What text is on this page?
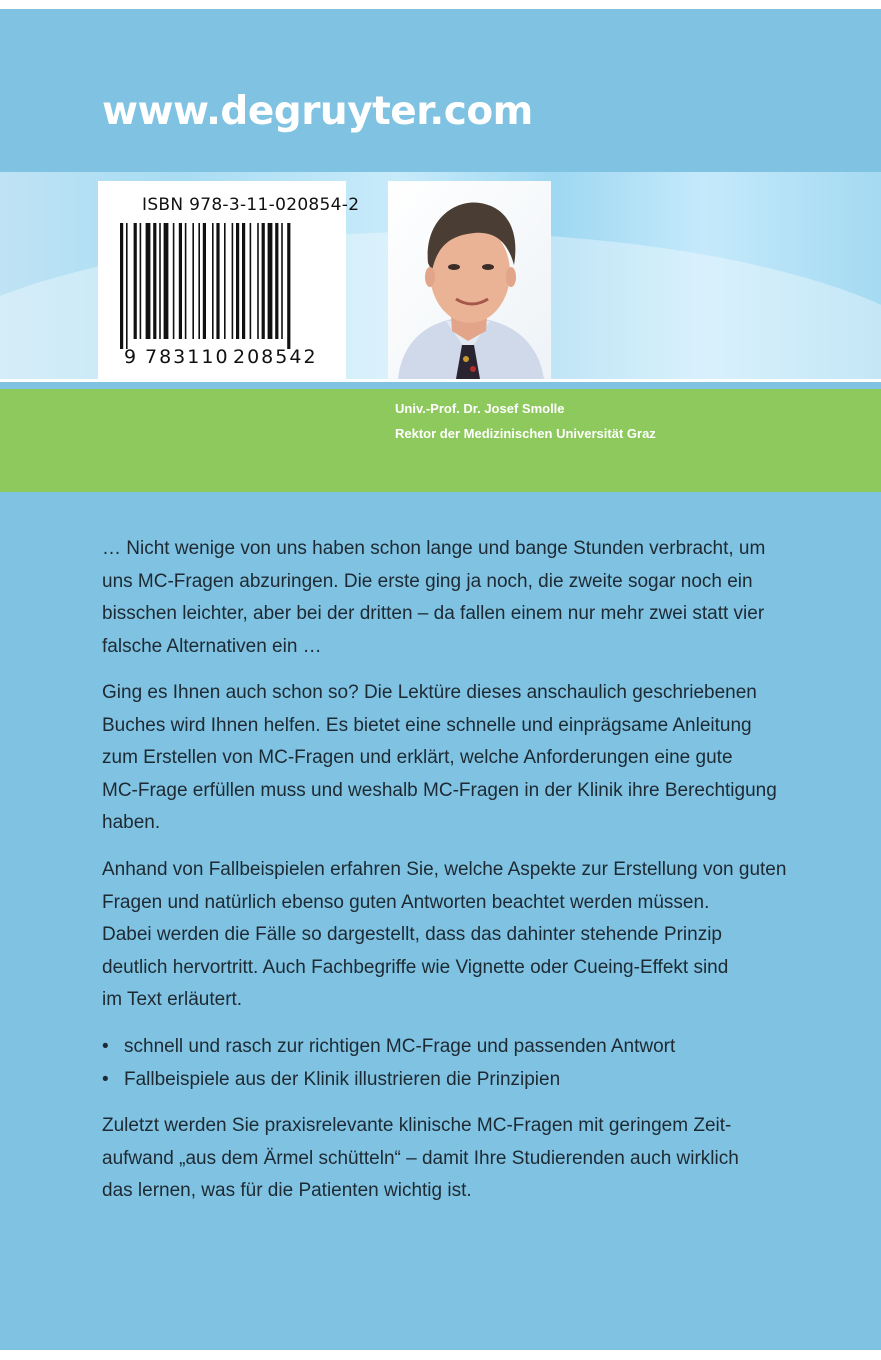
www.degruyter.com
ISBN 978-3-11-020854-2
9 783110 208542
Univ.-Prof. Dr. Josef Smolle
Rektor der Medizinischen Universität Graz

… Nicht wenige von uns haben schon lange und bange Stunden verbracht, um

uns MC-Fragen abzuringen. Die erste ging ja noch, die zweite sogar noch ein

bisschen leichter, aber bei der dritten – da fallen einem nur mehr zwei statt vier

falsche Alternativen ein …

Ging es Ihnen auch schon so? Die Lektüre dieses anschaulich geschriebenen

Buches wird Ihnen helfen. Es bietet eine schnelle und einprägsame Anleitung

zum Erstellen von MC-Fragen und erklärt, welche Anforderungen eine gute

MC-Frage erfüllen muss und weshalb MC-Fragen in der Klinik ihre Berechtigung

haben.

Anhand von Fallbeispielen erfahren Sie, welche Aspekte zur Erstellung von guten

Fragen und natürlich ebenso guten Antworten beachtet werden müssen.

Dabei werden die Fälle so dargestellt, dass das dahinter stehende Prinzip

deutlich hervortritt. Auch Fachbegriffe wie Vignette oder Cueing-Effekt sind

im Text erläutert.

• schnell und rasch zur richtigen MC-Frage und passenden Antwort
• Fallbeispiele aus der Klinik illustrieren die Prinzipien

Zuletzt werden Sie praxisrelevante klinische MC-Fragen mit geringem Zeit-

aufwand „aus dem Ärmel schütteln“ – damit Ihre Studierenden auch wirklich

das lernen, was für die Patienten wichtig ist.
